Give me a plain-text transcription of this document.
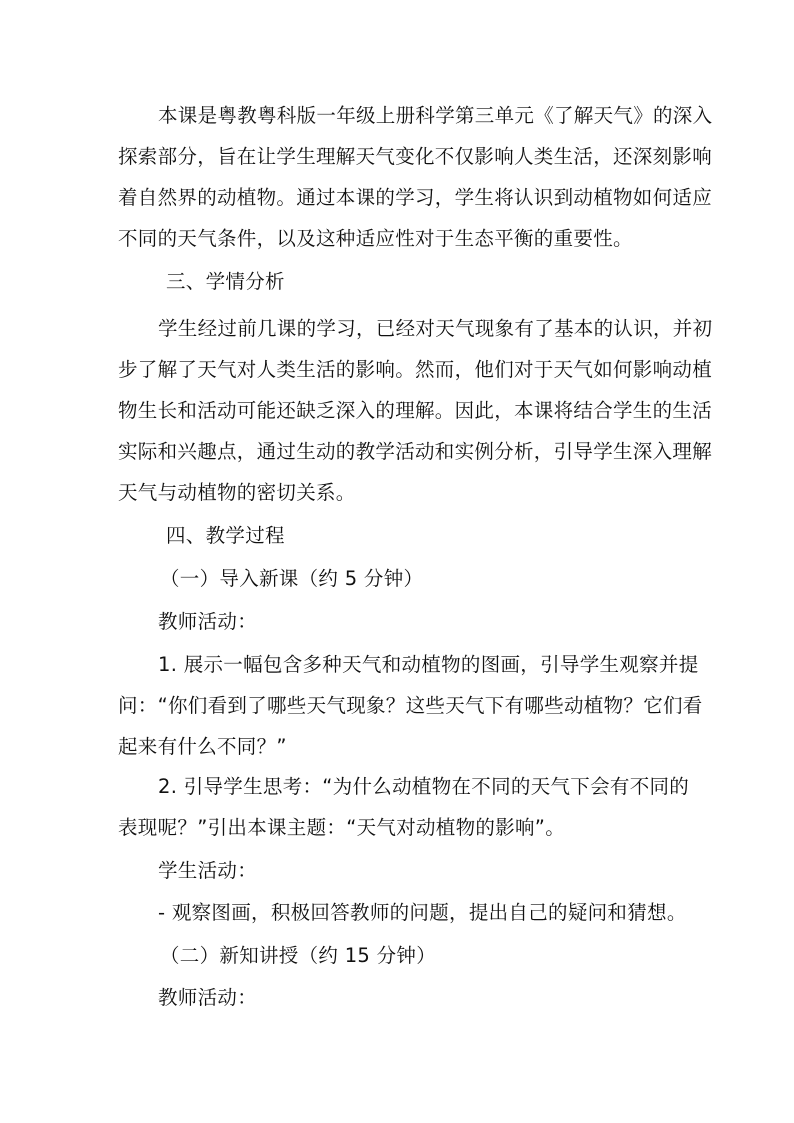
本课是粤教粤科版一年级上册科学第三单元《了解天气》的深入
探索部分，旨在让学生理解天气变化不仅影响人类生活，还深刻影响
着自然界的动植物。通过本课的学习，学生将认识到动植物如何适应
不同的天气条件，以及这种适应性对于生态平衡的重要性。
三、学情分析
学生经过前几课的学习，已经对天气现象有了基本的认识，并初
步了解了天气对人类生活的影响。然而，他们对于天气如何影响动植
物生长和活动可能还缺乏深入的理解。因此，本课将结合学生的生活
实际和兴趣点，通过生动的教学活动和实例分析，引导学生深入理解
天气与动植物的密切关系。
四、教学过程
（一）导入新课（约 5 分钟）
教师活动：
1. 展示一幅包含多种天气和动植物的图画，引导学生观察并提
问：“你们看到了哪些天气现象？这些天气下有哪些动植物？它们看
起来有什么不同？”
2. 引导学生思考：“为什么动植物在不同的天气下会有不同的
表现呢？”引出本课主题：“天气对动植物的影响”。
学生活动：
- 观察图画，积极回答教师的问题，提出自己的疑问和猜想。
（二）新知讲授（约 15 分钟）
教师活动：
